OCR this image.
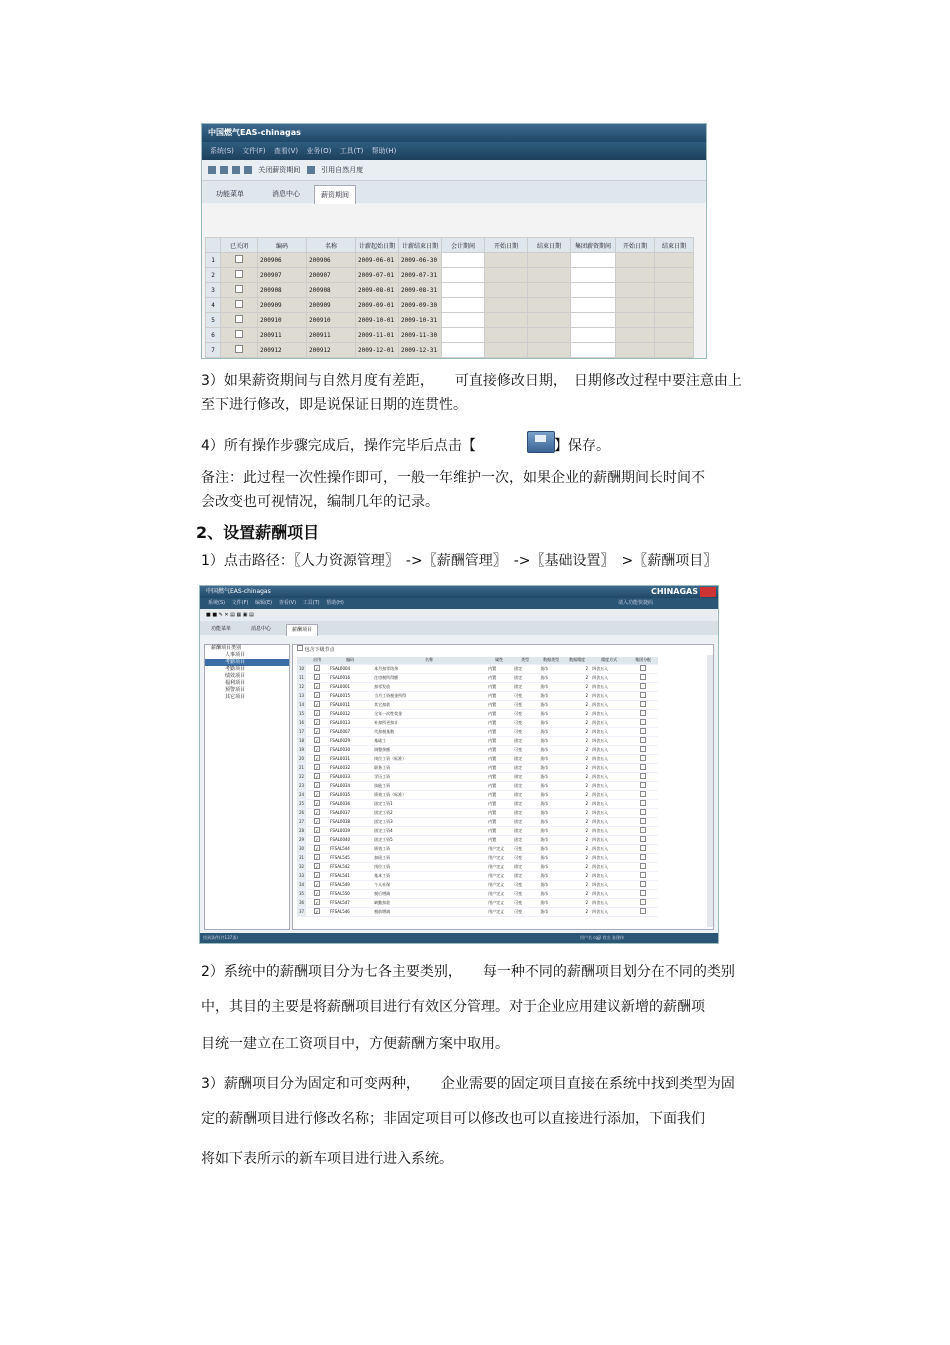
中国燃气EAS-chinagas
系统(S) 文件(F) 查看(V) 业务(O) 工具(T) 帮助(H)
关闭薪资期间	引用自然月度
功能菜单	消息中心	薪资期间
	已关闭	编码	名称	计薪起始日期	计薪结束日期	会计期间	开始日期	结束日期	集团薪资期间	开始日期	结束日期
1		200906	200906	2009-06-01	2009-06-30						
2		200907	200907	2009-07-01	2009-07-31						
3		200908	200908	2009-08-01	2009-08-31						
4		200909	200909	2009-09-01	2009-09-30						
5		200910	200910	2009-10-01	2009-10-31						
6		200911	200911	2009-11-01	2009-11-30						
7		200912	200912	2009-12-01	2009-12-31						
3）如果薪资期间与自然月度有差距，　　可直接修改日期，　日期修改过程中要注意由上
至下进行修改，即是说保证日期的连贯性。
4）所有操作步骤完成后，操作完毕后点击【	】保存。
备注：此过程一次性操作即可，一般一年维护一次，如果企业的薪酬期间长时间不
会改变也可视情况，编制几年的记录。
2、设置薪酬项目
1）点击路径：〖人力资源管理〗　->〖薪酬管理〗　->〖基础设置〗　>〖薪酬项目〗
中国燃气EAS-chinagas	CHINAGAS
系统(S) 文件(F) 编辑(E) 查看(V) 工具(T) 帮助(H)	请入功能快捷码
■ ■ ✎ ✕ ▤ ▦ ▣ ▤
功能菜单	消息中心	薪酬项目
薪酬项目类别
人事项目
考勤项目
考勤项目
绩效项目
福利项目
预警项目
其它项目
包含下级节点
	启用	编码	名称	属性	类型	数据类型	数据精度	精度方式	集团分配
10	✓	FSAL0004	本月扣零结余	内置	固定	货币	2	四舍五入	
11	✓	FSAL0016	住房税所得额	内置	固定	货币	2	四舍五入	
12	✓	FSAL0001	扣零发放	内置	固定	货币	2	四舍五入	
13	✓	FSAL0015	当月工资税金所得	内置	可变	货币	2	四舍五入	
14	✓	FSAL0011	其它扣款	内置	可变	货币	2	四舍五入	
15	✓	FSAL0012	全年一次性奖金	内置	可变	货币	2	四舍五入	
16	✓	FSAL0013	补扣所更扣计	内置	可变	货币	2	四舍五入	
17	✓	FSAL0007	代扣税基数	内置	可变	货币	2	四舍五入	
18	✓	FSAL0029	基础工	内置	固定	货币	2	四舍五入	
19	✓	FSAL0030	调整余额	内置	可变	货币	2	四舍五入	
20	✓	FSAL0031	岗位工资（标准）	内置	固定	货币	2	四舍五入	
21	✓	FSAL0032	职务工资	内置	固定	货币	2	四舍五入	
22	✓	FSAL0033	学历工资	内置	固定	货币	2	四舍五入	
23	✓	FSAL0034	技能工资	内置	固定	货币	2	四舍五入	
24	✓	FSAL0035	绩效工资（标准）	内置	固定	货币	2	四舍五入	
25	✓	FSAL0036	固定工资1	内置	固定	货币	2	四舍五入	
26	✓	FSAL0037	固定工资2	内置	固定	货币	2	四舍五入	
27	✓	FSAL0038	固定工资3	内置	固定	货币	2	四舍五入	
28	✓	FSAL0039	固定工资4	内置	固定	货币	2	四舍五入	
29	✓	FSAL0040	固定工资5	内置	固定	货币	2	四舍五入	
30	✓	FFSAL544	绩效工资	用户定义	可变	货币	2	四舍五入	
31	✓	FFSAL545	加班工资	用户定义	可变	货币	2	四舍五入	
32	✓	FFSAL542	岗位工资	用户定义	固定	货币	2	四舍五入	
33	✓	FFSAL541	基本工资	用户定义	固定	货币	2	四舍五入	
34	✓	FFSAL549	个人社保	用户定义	可变	货币	2	四舍五入	
35	✓	FFSAL550	税后增减	用户定义	可变	货币	2	四舍五入	
36	✓	FFSAL547	缺勤扣款	用户定义	可变	货币	2	四舍五入	
37	✓	FFSAL546	税前增减	用户定义	可变	货币	2	四舍五入	
找到条件(共137条)	用户名 cgjjl 姓名 张建伟
2）系统中的薪酬项目分为七各主要类别，　　每一种不同的薪酬项目划分在不同的类别
中，其目的主要是将薪酬项目进行有效区分管理。对于企业应用建议新增的薪酬项
目统一建立在工资项目中，方便薪酬方案中取用。
3）薪酬项目分为固定和可变两种，　　企业需要的固定项目直接在系统中找到类型为固
定的薪酬项目进行修改名称；非固定项目可以修改也可以直接进行添加，下面我们
将如下表所示的新车项目进行进入系统。
